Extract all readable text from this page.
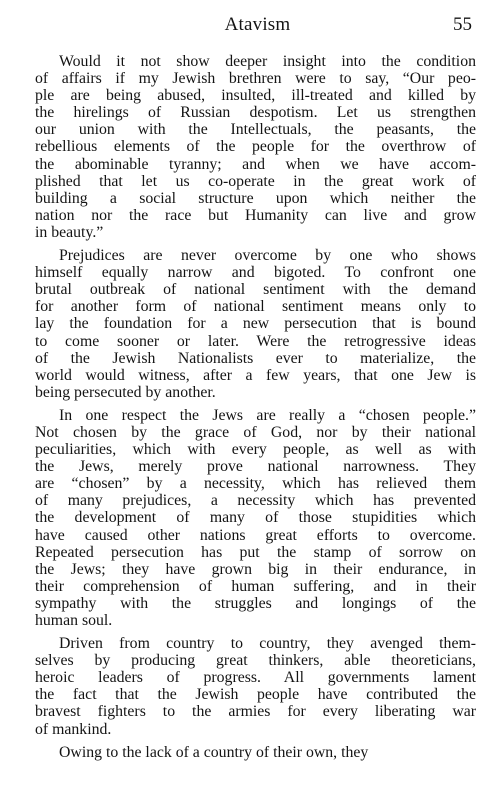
Atavism	55

Would it not show deeper insight into the condition
of affairs if my Jewish brethren were to say, “Our peo-
ple are being abused, insulted, ill-treated and killed by
the hirelings of Russian despotism. Let us strengthen
our union with the Intellectuals, the peasants, the
rebellious elements of the people for the overthrow of
the abominable tyranny; and when we have accom-
plished that let us co-operate in the great work of
building a social structure upon which neither the
nation nor the race but Humanity can live and grow
in beauty.”

Prejudices are never overcome by one who shows
himself equally narrow and bigoted. To confront one
brutal outbreak of national sentiment with the demand
for another form of national sentiment means only to
lay the foundation for a new persecution that is bound
to come sooner or later. Were the retrogressive ideas
of the Jewish Nationalists ever to materialize, the
world would witness, after a few years, that one Jew is
being persecuted by another.

In one respect the Jews are really a “chosen people.”
Not chosen by the grace of God, nor by their national
peculiarities, which with every people, as well as with
the Jews, merely prove national narrowness. They
are “chosen” by a necessity, which has relieved them
of many prejudices, a necessity which has prevented
the development of many of those stupidities which
have caused other nations great efforts to overcome.
Repeated persecution has put the stamp of sorrow on
the Jews; they have grown big in their endurance, in
their comprehension of human suffering, and in their
sympathy with the struggles and longings of the
human soul.

Driven from country to country, they avenged them-
selves by producing great thinkers, able theoreticians,
heroic leaders of progress. All governments lament
the fact that the Jewish people have contributed the
bravest fighters to the armies for every liberating war
of mankind.

Owing to the lack of a country of their own, they
